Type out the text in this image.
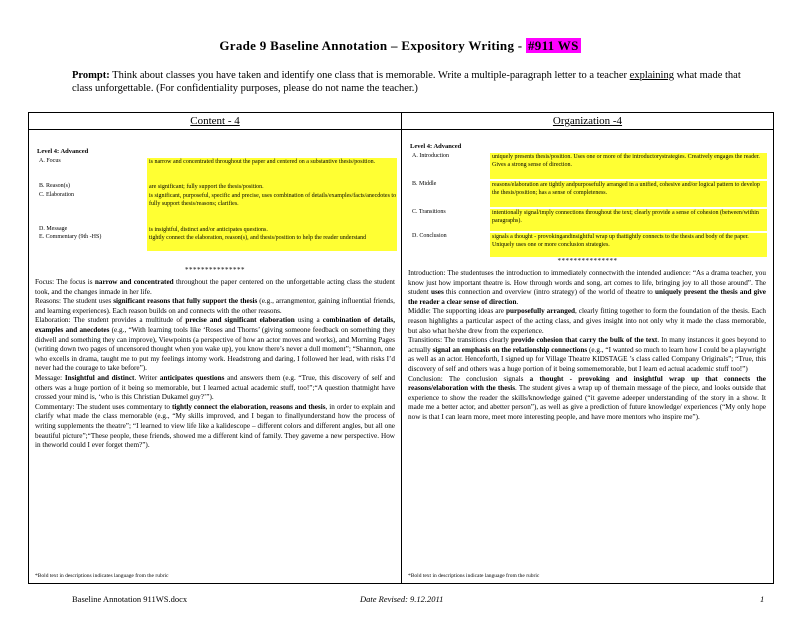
Grade 9 Baseline Annotation – Expository Writing - #911 WS
Prompt: Think about classes you have taken and identify one class that is memorable. Write a multiple-paragraph letter to a teacher explaining what made that class unforgettable. (For confidentiality purposes, please do not name the teacher.)
Content - 4
Level 4: Advanced
A. Focus	is narrow and concentrated throughout the paper and centered on a substantive thesis/position.
B. Reason(s)	are significant; fully support the thesis/position.
C. Elaboration	is significant, purposeful, specific and precise, uses combination of details/examples/facts/anecdotes to fully support thesis/reasons; clarifies.
D. Message	is insightful, distinct and/or anticipates questions.
E. Commentary (9th -HS)	tightly connect the elaboration, reason(s), and thesis/position to help the reader understand
***************

Focus: The focus is narrow and concentrated throughout the paper centered on the unforgettable acting class the student took, and the changes inmade in her life.

Reasons: The student uses significant reasons that fully support the thesis (e.g., arrangmentor, gaining influential friends, and learning experiences). Each reason builds on and connects with the other reasons.

Elaboration: The student provides a multitude of precise and significant elaboration using a combination of details, examples and anecdotes (e.g., “With learning tools like ‘Roses and Thorns’ (giving someone feedback on something they didwell and something they can improve), Viewpoints (a perspective of how an actor moves and works), and Morning Pages (writing down two pages of uncensored thought when you wake up), you know there’s never a dull moment”; “Shannon, one who excells in drama, taught me to put my feelings intomy work. Headstrong and daring, I followed her lead, with risks I’d never had the courage to take before”).

Message: Insightful and distinct. Writer anticipates questions and answers them (e.g. “True, this discovery of self and others was a huge portion of it being so memorable, but I learned actual academic stuff, too!”;“A question thatmight have crossed your mind is, ‘who is this Christian Dukamel guy?’”).

Commentary: The student uses commentary to tightly connect the elaboration, reasons and thesis, in order to explain and clarify what made the class memorable (e.g., “My skills improved, and I began to finallyunderstand how the process of writing supplements the theatre”; “I learned to view life like a kalidescope – different colors and different angles, but all one beautiful picture”;“These people, these friends, showed me a different kind of family. They gaveme a new perspective. How in theworld could I ever forget them?”).

*Bold text in descriptions indicates language from the rubric
Organization -4
Level 4: Advanced
A. Introduction	uniquely presents thesis/position. Uses one or more of the introductorystrategies. Creatively engages the reader. Gives a strong sense of direction.
B. Middle	reasons/elaboration are tightly andpurposefully arranged in a unified, cohesive and/or logical pattern to develop the thesis/position; has a sense of completeness.
C. Transitions	intentionally signal/imply connections throughout the text; clearly provide a sense of cohesion (between/within paragraphs).
D. Conclusion	signals a thought - provokingandinsightful wrap up thattightly connects to the thesis and body of the paper. Uniquely uses one or more conclusion strategies.
***************

Introduction: The studentuses the introduction to immediately connectwith the intended audience: “As a drama teacher, you know just how important theatre is. How through words and song, art comes to life, bringing joy to all those around”. The student uses this connection and overview (intro strategy) of the world of theatre to uniquely present the thesis and give the reader a clear sense of direction.

Middle: The supporting ideas are purposefully arranged, clearly fitting together to form the foundation of the thesis. Each reason highlights a particular aspect of the acting class, and gives insight into not only why it made the class memorable, but also what he/she drew from the experience.

Transitions: The transitions clearly provide cohesion that carry the bulk of the text. In many instances it goes beyond to actually signal an emphasis on the relationship connections (e.g., “I wanted so much to learn how I could be a playwright as well as an actor. Henceforth, I signed up for Village Theatre KIDSTAGE ’s class called Company Originals”; “True, this discovery of self and others was a huge portion of it being somememorable, but I learn ed actual academic stuff too!”)

Conclusion: The conclusion signals a thought - provoking and insightful wrap up that connects the reasons/elaboration with the thesis. The student gives a wrap up of themain message of the piece, and looks outside that experience to show the reader the skills/knowledge gained (“it gaveme adeeper understanding of the story in a show. It made me a better actor, and abetter person”), as well as give a prediction of future knowledge/ experiences (“My only hope now is that I can learn more, meet more interesting people, and have more mentors who inspire me”).

*Bold text in descriptions indicate language from the rubric
Baseline Annotation 911WS.docx	Date Revised: 9.12.2011	1
